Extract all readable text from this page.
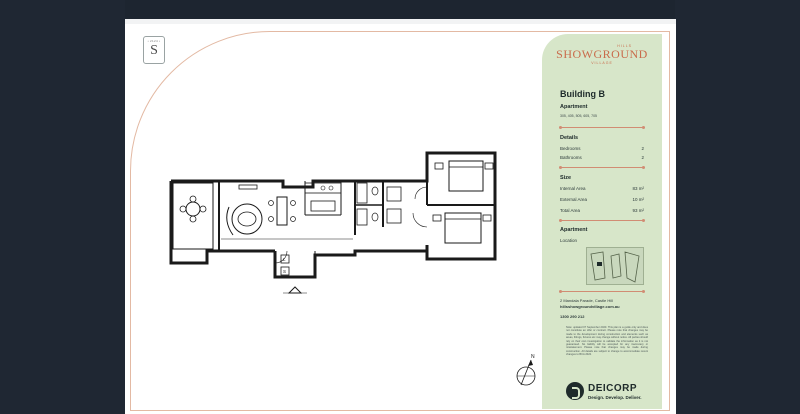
• 2124 •
S
L
S
N
HILLS
SHOWGROUND
VILLAGE
Building B
Apartment
305, 405, 505, 605, 705
Details
Bedrooms	2
Bathrooms	2
Size
Internal Area	83 m²
External Area	10 m²
Total Area	93 m²
Apartment
Location
2 Mandala Parade, Castle Hill
hillsshowgroundvillage.com.au
1300 290 212
Note: updated 07 September 2020. This plan is a guide only and does not constitute an offer or contract. Please note that changes may be made to the development during construction and elements such as areas, fittings, fixtures etc may change without notice. All parties should rely on their own investigation to validate the information as it is not guaranteed. No liability will be accepted for any inaccuracy or misstatement. Please note that changes may be made during construction. All details are subject to change to accommodate recent changes to BCA 2022.
DEICORP
Design. Develop. Deliver.
